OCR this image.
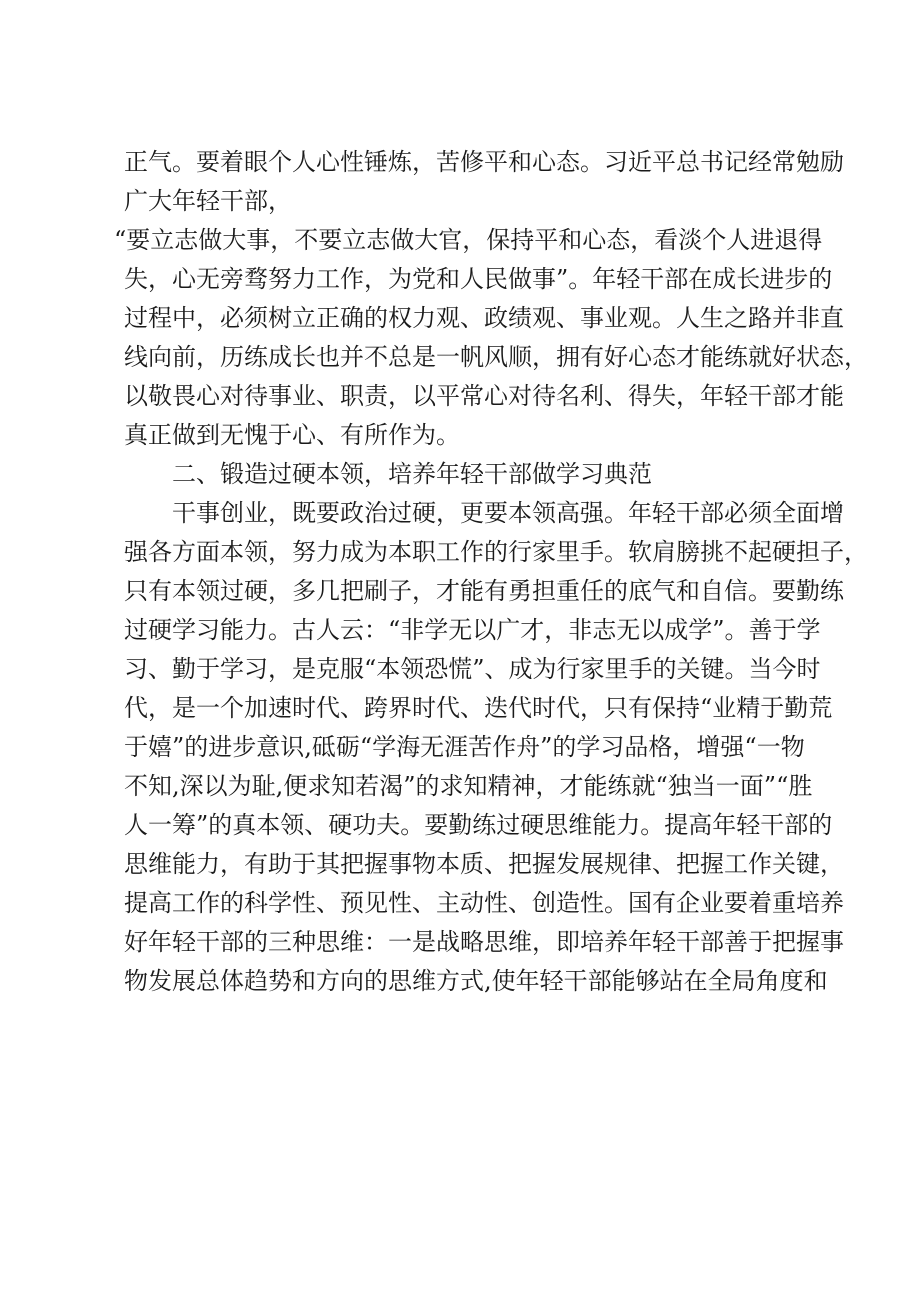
正气。要着眼个人心性锤炼，苦修平和心态。习近平总书记经常勉励
广大年轻干部，
“要立志做大事，不要立志做大官，保持平和心态，看淡个人进退得
失，心无旁骛努力工作，为党和人民做事”。年轻干部在成长进步的
过程中，必须树立正确的权力观、政绩观、事业观。人生之路并非直
线向前，历练成长也并不总是一帆风顺，拥有好心态才能练就好状态，
以敬畏心对待事业、职责，以平常心对待名利、得失，年轻干部才能
真正做到无愧于心、有所作为。
二、锻造过硬本领，培养年轻干部做学习典范
干事创业，既要政治过硬，更要本领高强。年轻干部必须全面增
强各方面本领，努力成为本职工作的行家里手。软肩膀挑不起硬担子，
只有本领过硬，多几把刷子，才能有勇担重任的底气和自信。要勤练
过硬学习能力。古人云：“非学无以广才，非志无以成学”。善于学
习、勤于学习，是克服“本领恐慌”、成为行家里手的关键。当今时
代，是一个加速时代、跨界时代、迭代时代，只有保持“业精于勤荒
于嬉”的进步意识,砥砺“学海无涯苦作舟”的学习品格，增强“一物
不知,深以为耻,便求知若渴”的求知精神，才能练就“独当一面”“胜
人一筹”的真本领、硬功夫。要勤练过硬思维能力。提高年轻干部的
思维能力，有助于其把握事物本质、把握发展规律、把握工作关键，
提高工作的科学性、预见性、主动性、创造性。国有企业要着重培养
好年轻干部的三种思维：一是战略思维，即培养年轻干部善于把握事
物发展总体趋势和方向的思维方式,使年轻干部能够站在全局角度和
